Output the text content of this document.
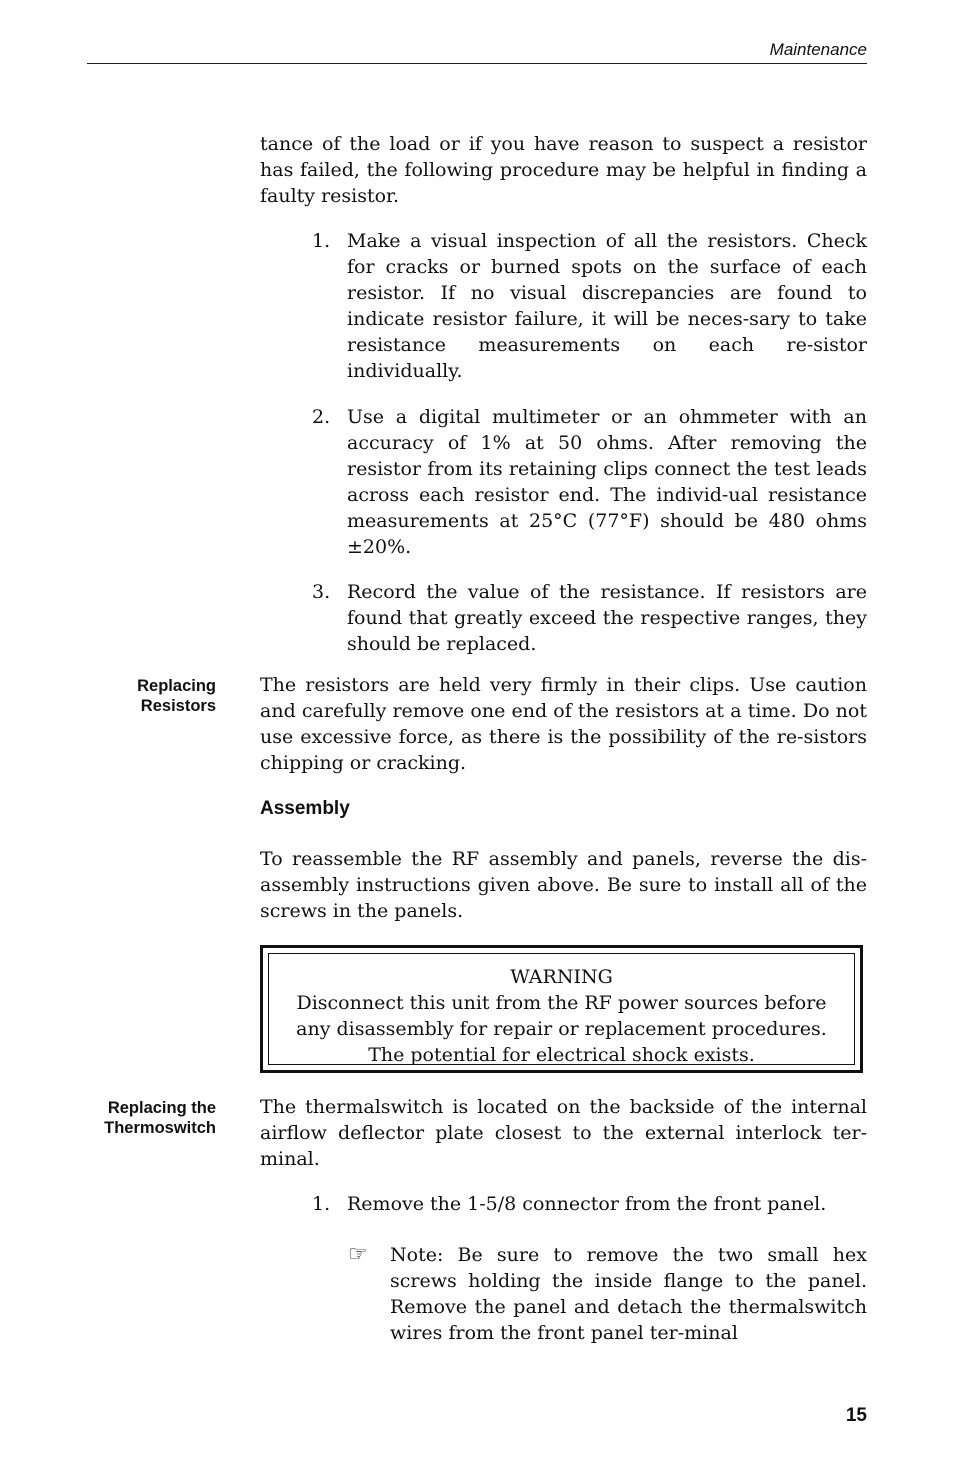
Maintenance
tance of the load or if you have reason to suspect a resistor has failed, the following procedure may be helpful in finding a faulty resistor.
1. Make a visual inspection of all the resistors. Check for cracks or burned spots on the surface of each resistor. If no visual discrepancies are found to indicate resistor failure, it will be neces-sary to take resistance measurements on each re-sistor individually.
2. Use a digital multimeter or an ohmmeter with an accuracy of 1% at 50 ohms. After removing the resistor from its retaining clips connect the test leads across each resistor end. The individ-ual resistance measurements at 25°C (77°F) should be 480 ohms ±20%.
3. Record the value of the resistance. If resistors are found that greatly exceed the respective ranges, they should be replaced.
Replacing
Resistors
The resistors are held very firmly in their clips. Use caution and carefully remove one end of the resistors at a time. Do not use excessive force, as there is the possibility of the re-sistors chipping or cracking.
Assembly
To reassemble the RF assembly and panels, reverse the dis-assembly instructions given above. Be sure to install all of the screws in the panels.
WARNING
Disconnect this unit from the RF power sources before
any disassembly for repair or replacement procedures.
The potential for electrical shock exists.
Replacing the
Thermoswitch
The thermalswitch is located on the backside of the internal airflow deflector plate closest to the external interlock ter-minal.
1. Remove the 1-5/8 connector from the front panel.
☞	Note: Be sure to remove the two small hex screws holding the inside flange to the panel. Remove the panel and detach the thermalswitch wires from the front panel ter-minal
15
